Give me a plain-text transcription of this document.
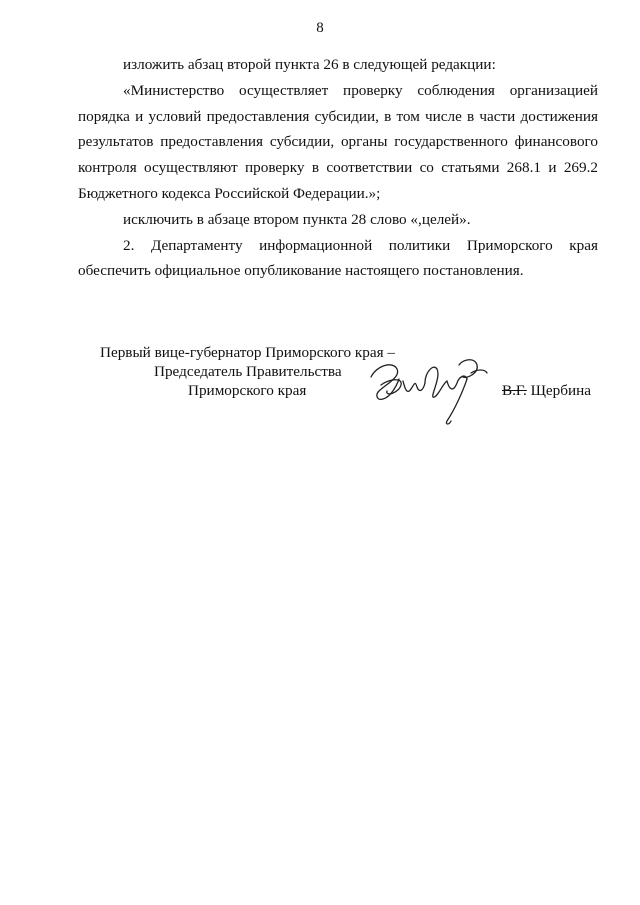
8

изложить абзац второй пункта 26 в следующей редакции:

«Министерство осуществляет проверку соблюдения организацией
порядка и условий предоставления субсидии, в том числе в части достижения
результатов предоставления субсидии, органы государственного финансового
контроля осуществляют проверку в соответствии со статьями 268.1 и 269.2
Бюджетного кодекса Российской Федерации.»;

исключить в абзаце втором пункта 28 слово «,целей».

2. Департаменту информационной политики Приморского края
обеспечить официальное опубликование настоящего постановления.

Первый вице-губернатор Приморского края –
Председатель Правительства
Приморского края	В.Г. Щербина
